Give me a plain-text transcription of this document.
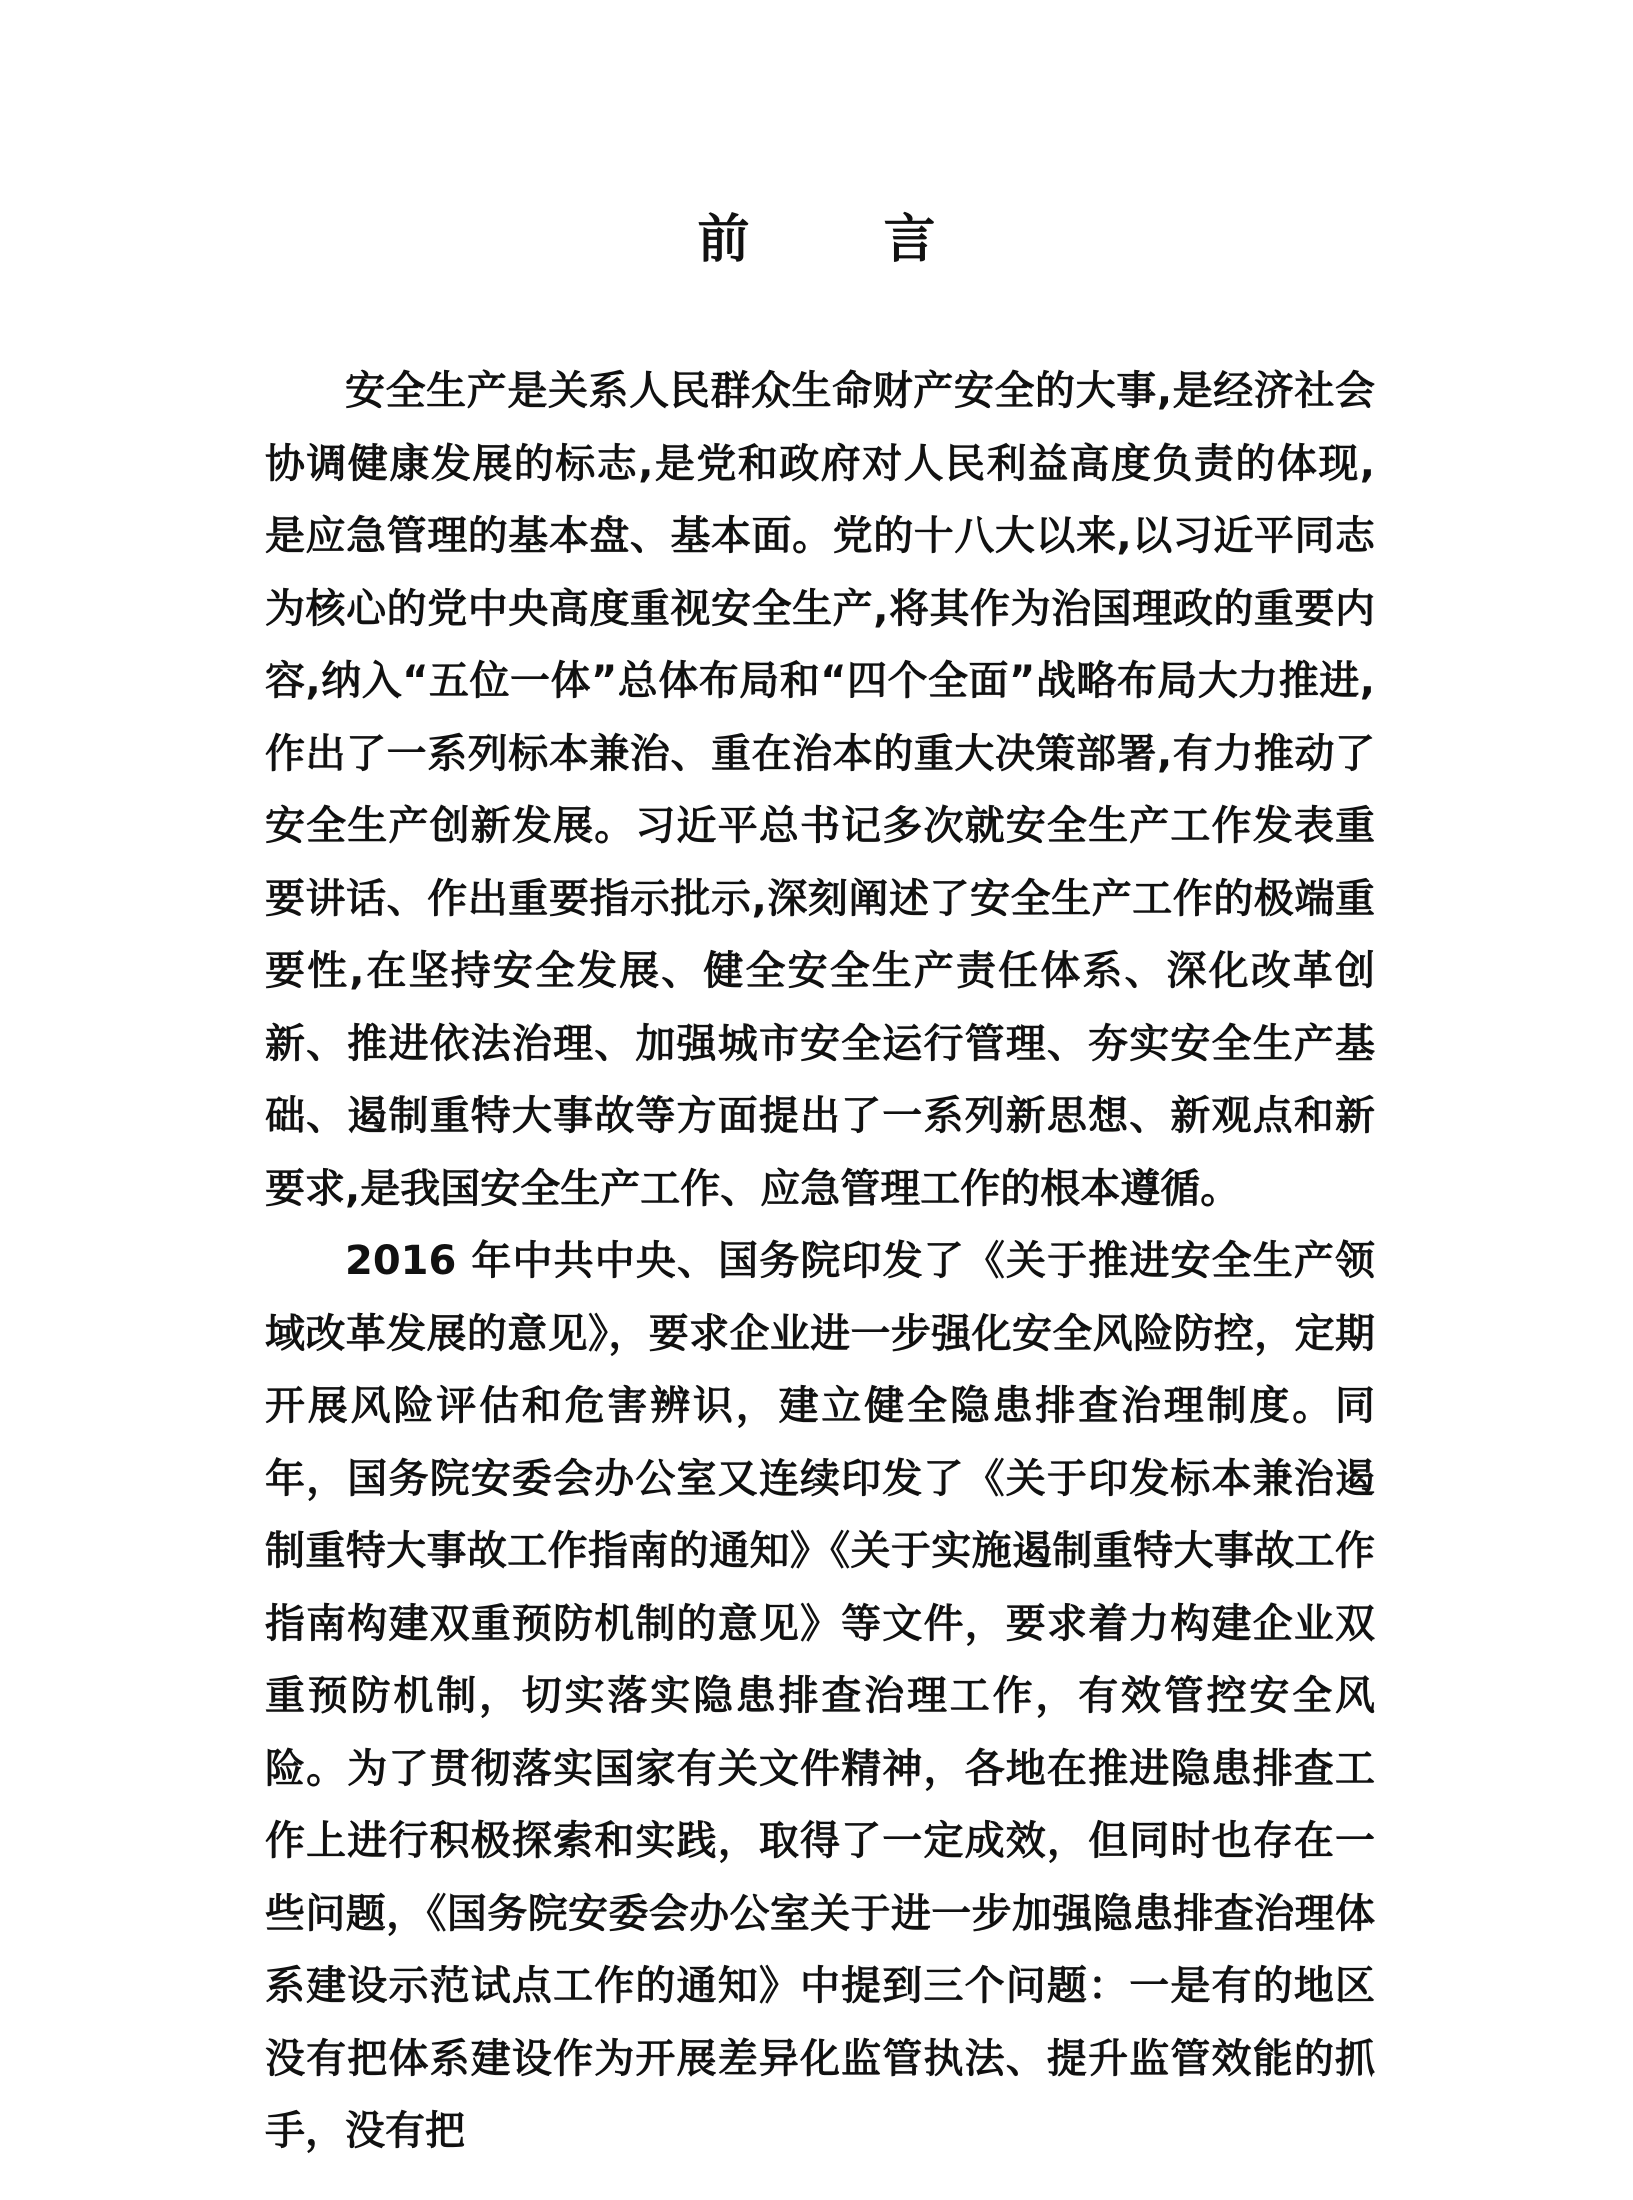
前 言

安全生产是关系人民群众生命财产安全的大事,是经济社会协调健康发展的标志,是党和政府对人民利益高度负责的体现,是应急管理的基本盘、基本面。党的十八大以来,以习近平同志为核心的党中央高度重视安全生产,将其作为治国理政的重要内容,纳入“五位一体”总体布局和“四个全面”战略布局大力推进,作出了一系列标本兼治、重在治本的重大决策部署,有力推动了安全生产创新发展。习近平总书记多次就安全生产工作发表重要讲话、作出重要指示批示,深刻阐述了安全生产工作的极端重要性,在坚持安全发展、健全安全生产责任体系、深化改革创新、推进依法治理、加强城市安全运行管理、夯实安全生产基础、遏制重特大事故等方面提出了一系列新思想、新观点和新要求,是我国安全生产工作、应急管理工作的根本遵循。

2016 年中共中央、国务院印发了《关于推进安全生产领域改革发展的意见》，要求企业进一步强化安全风险防控，定期开展风险评估和危害辨识，建立健全隐患排查治理制度。同年，国务院安委会办公室又连续印发了《关于印发标本兼治遏制重特大事故工作指南的通知》《关于实施遏制重特大事故工作指南构建双重预防机制的意见》等文件，要求着力构建企业双重预防机制，切实落实隐患排查治理工作，有效管控安全风险。为了贯彻落实国家有关文件精神，各地在推进隐患排查工作上进行积极探索和实践，取得了一定成效，但同时也存在一些问题，《国务院安委会办公室关于进一步加强隐患排查治理体系建设示范试点工作的通知》中提到三个问题：一是有的地区没有把体系建设作为开展差异化监管执法、提升监管效能的抓手，没有把
